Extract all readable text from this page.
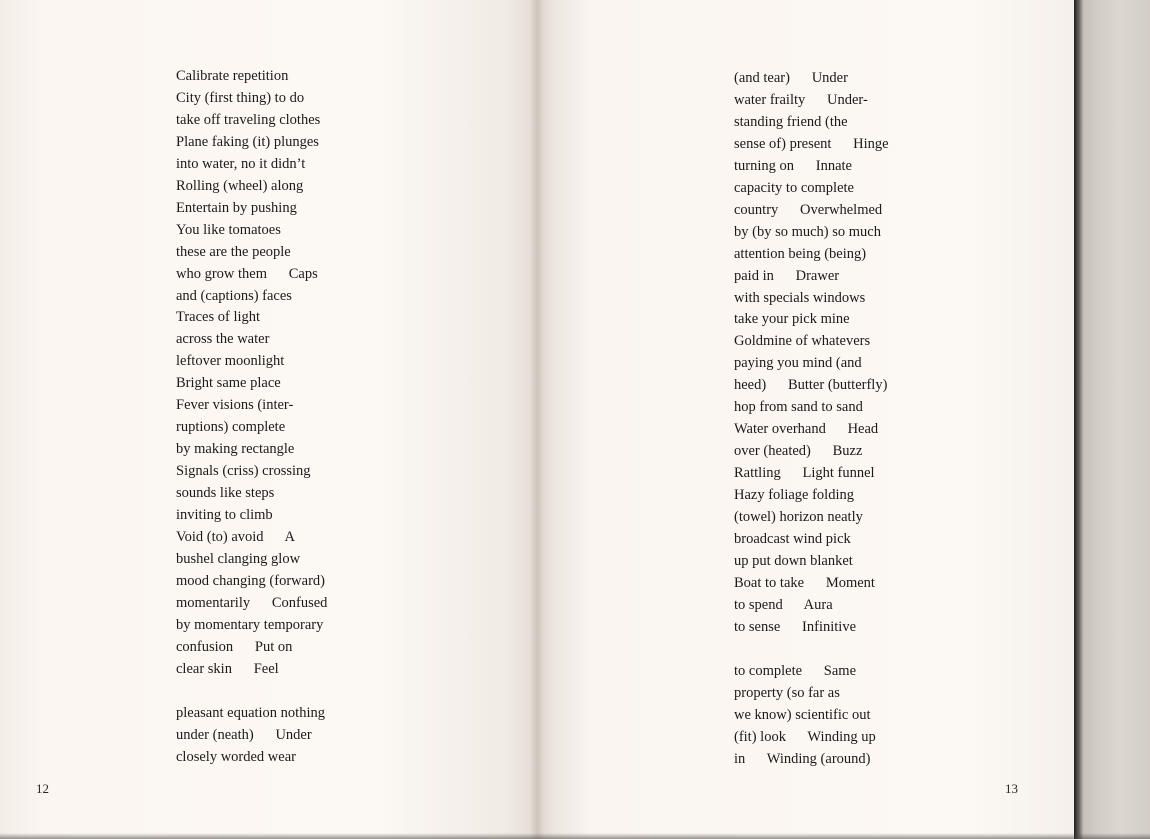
Calibrate repetition
City (first thing) to do
take off traveling clothes
Plane faking (it) plunges
into water, no it didn’t
Rolling (wheel) along
Entertain by pushing
You like tomatoes
these are the people
who grow them      Caps
and (captions) faces
Traces of light
across the water
leftover moonlight
Bright same place
Fever visions (inter-
ruptions) complete
by making rectangle
Signals (criss) crossing
sounds like steps
inviting to climb
Void (to) avoid      A
bushel clanging glow
mood changing (forward)
momentarily      Confused
by momentary temporary
confusion      Put on
clear skin      Feel
pleasant equation nothing
under (neath)      Under
closely worded wear
(and tear)      Under
water frailty      Under-
standing friend (the
sense of) present      Hinge
turning on      Innate
capacity to complete
country      Overwhelmed
by (by so much) so much
attention being (being)
paid in      Drawer
with specials windows
take your pick mine
Goldmine of whatevers
paying you mind (and
heed)      Butter (butterfly)
hop from sand to sand
Water overhand      Head
over (heated)      Buzz
Rattling      Light funnel
Hazy foliage folding
(towel) horizon neatly
broadcast wind pick
up put down blanket
Boat to take      Moment
to spend      Aura
to sense      Infinitive
to complete      Same
property (so far as
we know) scientific out
(fit) look      Winding up
in      Winding (around)
12	13
